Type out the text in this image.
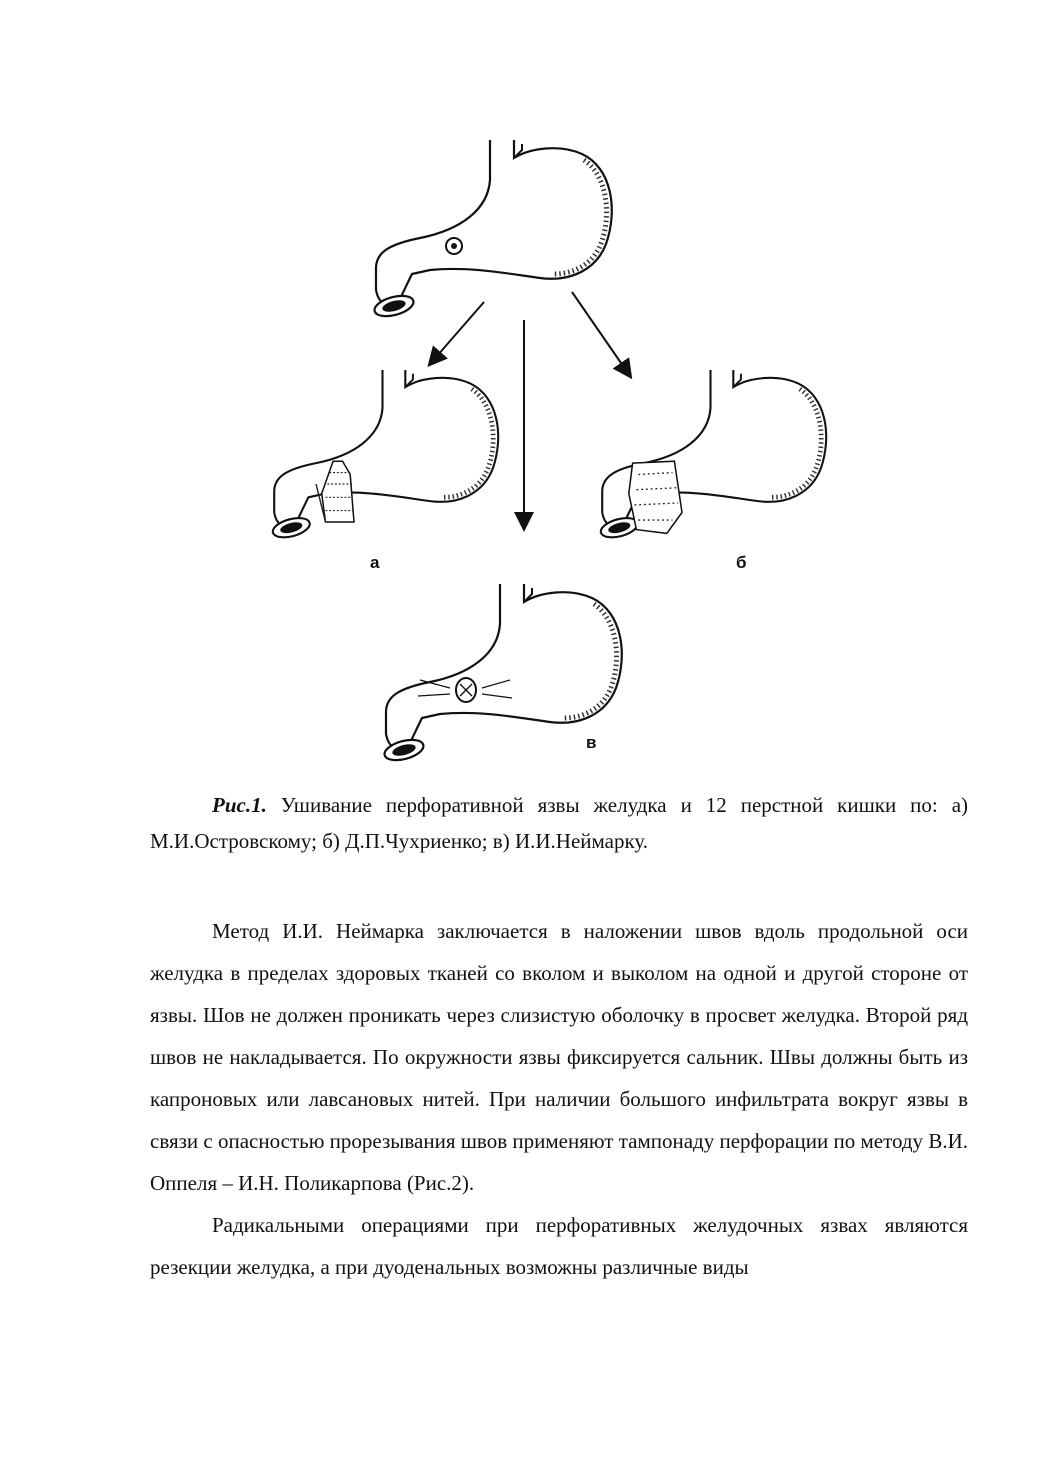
а	б
в
Рис.1. Ушивание перфоративной язвы желудка и 12 перстной кишки по: а) М.И.Островскому; б) Д.П.Чухриенко; в) И.И.Неймарку.

Метод И.И. Неймарка заключается в наложении швов вдоль продольной оси желудка в пределах здоровых тканей со вколом и выколом на одной и другой стороне от язвы. Шов не должен проникать через слизистую оболочку в просвет желудка. Второй ряд швов не накладывается. По окружности язвы фиксируется сальник. Швы должны быть из капроновых или лавсановых нитей. При наличии большого инфильтрата вокруг язвы в связи с опасностью прорезывания швов применяют тампонаду перфорации по методу В.И. Оппеля – И.Н. Поликарпова (Рис.2).

Радикальными операциями при перфоративных желудочных язвах являются резекции желудка, а при дуоденальных возможны различные виды
